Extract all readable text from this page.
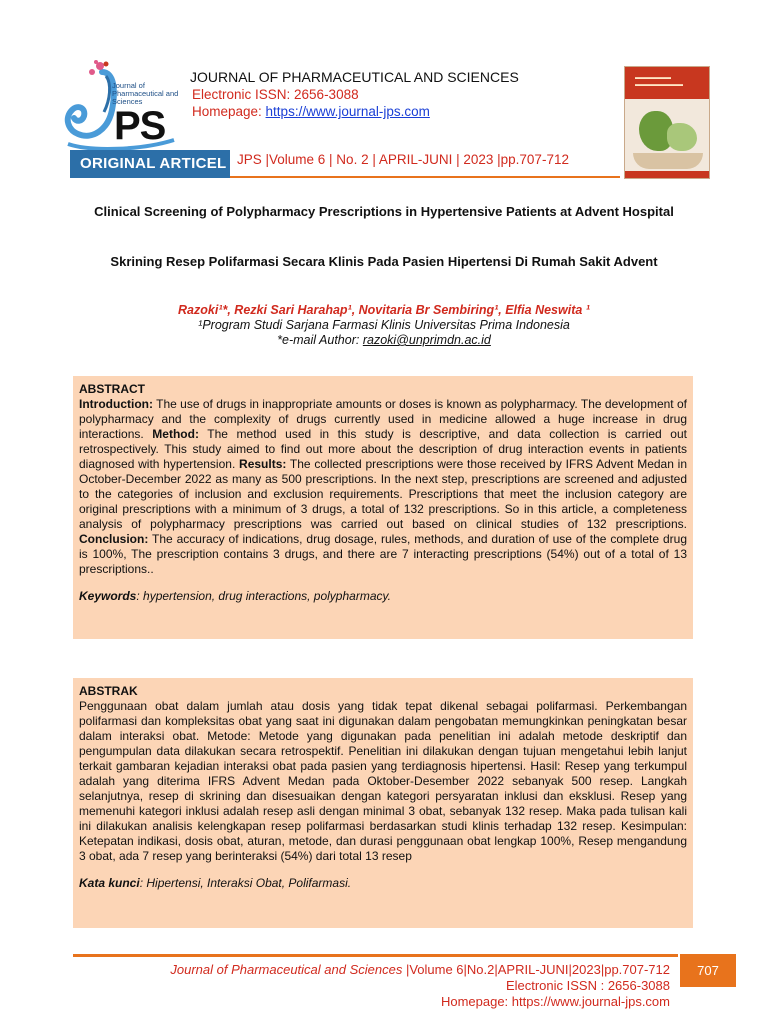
Journal of Pharmaceutical and Sciences
PS
JOURNAL OF PHARMACEUTICAL AND SCIENCES
Electronic ISSN: 2656-3088
Homepage: https://www.journal-jps.com
▬▬▬▬▬▬
▬▬▬▬▬▬▬▬
ORIGINAL ARTICEL JPS |Volume 6 | No. 2 | APRIL-JUNI | 2023 |pp.707-712
Clinical Screening of Polypharmacy Prescriptions in Hypertensive Patients at Advent Hospital
Skrining Resep Polifarmasi Secara Klinis Pada Pasien Hipertensi Di Rumah Sakit Advent
Razoki¹*, Rezki Sari Harahap¹, Novitaria Br Sembiring¹, Elfia Neswita ¹
¹Program Studi Sarjana Farmasi Klinis Universitas Prima Indonesia
*e-mail Author: razoki@unprimdn.ac.id
ABSTRACT
Introduction: The use of drugs in inappropriate amounts or doses is known as polypharmacy. The development of polypharmacy and the complexity of drugs currently used in medicine allowed a huge increase in drug interactions. Method: The method used in this study is descriptive, and data collection is carried out retrospectively. This study aimed to find out more about the description of drug interaction events in patients diagnosed with hypertension. Results: The collected prescriptions were those received by IFRS Advent Medan in October-December 2022 as many as 500 prescriptions. In the next step, prescriptions are screened and adjusted to the categories of inclusion and exclusion requirements. Prescriptions that meet the inclusion category are original prescriptions with a minimum of 3 drugs, a total of 132 prescriptions. So in this article, a completeness analysis of polypharmacy prescriptions was carried out based on clinical studies of 132 prescriptions. Conclusion: The accuracy of indications, drug dosage, rules, methods, and duration of use of the complete drug is 100%, The prescription contains 3 drugs, and there are 7 interacting prescriptions (54%) out of a total of 13 prescriptions..
Keywords: hypertension, drug interactions, polypharmacy.
ABSTRAK
Penggunaan obat dalam jumlah atau dosis yang tidak tepat dikenal sebagai polifarmasi. Perkembangan polifarmasi dan kompleksitas obat yang saat ini digunakan dalam pengobatan memungkinkan peningkatan besar dalam interaksi obat. Metode: Metode yang digunakan pada penelitian ini adalah metode deskriptif dan pengumpulan data dilakukan secara retrospektif. Penelitian ini dilakukan dengan tujuan mengetahui lebih lanjut terkait gambaran kejadian interaksi obat pada pasien yang terdiagnosis hipertensi. Hasil: Resep yang terkumpul adalah yang diterima IFRS Advent Medan pada Oktober-Desember 2022 sebanyak 500 resep. Langkah selanjutnya, resep di skrining dan disesuaikan dengan kategori persyaratan inklusi dan eksklusi. Resep yang memenuhi kategori inklusi adalah resep asli dengan minimal 3 obat, sebanyak 132 resep. Maka pada tulisan kali ini dilakukan analisis kelengkapan resep polifarmasi berdasarkan studi klinis terhadap 132 resep. Kesimpulan: Ketepatan indikasi, dosis obat, aturan, metode, dan durasi penggunaan obat lengkap 100%, Resep mengandung 3 obat, ada 7 resep yang berinteraksi (54%) dari total 13 resep
Kata kunci: Hipertensi, Interaksi Obat, Polifarmasi.
Journal of Pharmaceutical and Sciences |Volume 6|No.2|APRIL-JUNI|2023|pp.707-712
Electronic ISSN : 2656-3088
Homepage: https://www.journal-jps.com
707
